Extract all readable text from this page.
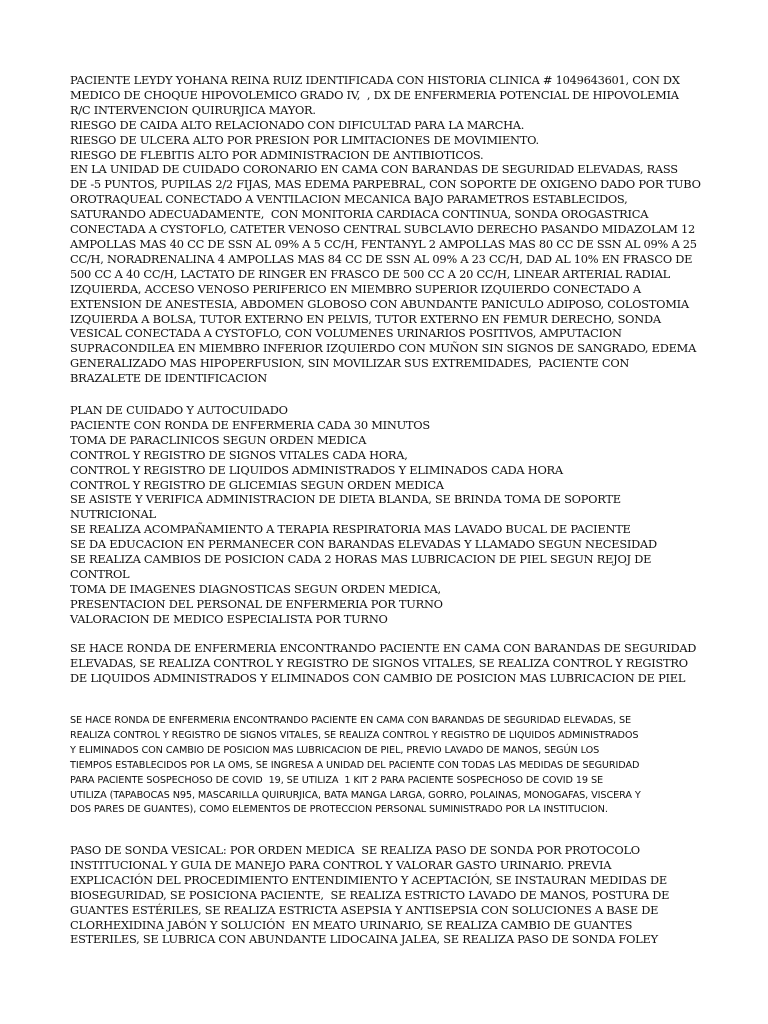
PACIENTE LEYDY YOHANA REINA RUIZ IDENTIFICADA CON HISTORIA CLINICA # 1049643601, CON DX
MEDICO DE CHOQUE HIPOVOLEMICO GRADO IV,  , DX DE ENFERMERIA POTENCIAL DE HIPOVOLEMIA
R/C INTERVENCION QUIRURJICA MAYOR.
RIESGO DE CAIDA ALTO RELACIONADO CON DIFICULTAD PARA LA MARCHA.
RIESGO DE ULCERA ALTO POR PRESION POR LIMITACIONES DE MOVIMIENTO.
RIESGO DE FLEBITIS ALTO POR ADMINISTRACION DE ANTIBIOTICOS.
EN LA UNIDAD DE CUIDADO CORONARIO EN CAMA CON BARANDAS DE SEGURIDAD ELEVADAS, RASS
DE -5 PUNTOS, PUPILAS 2/2 FIJAS, MAS EDEMA PARPEBRAL, CON SOPORTE DE OXIGENO DADO POR TUBO
OROTRAQUEAL CONECTADO A VENTILACION MECANICA BAJO PARAMETROS ESTABLECIDOS,
SATURANDO ADECUADAMENTE,  CON MONITORIA CARDIACA CONTINUA, SONDA OROGASTRICA
CONECTADA A CYSTOFLO, CATETER VENOSO CENTRAL SUBCLAVIO DERECHO PASANDO MIDAZOLAM 12
AMPOLLAS MAS 40 CC DE SSN AL 09% A 5 CC/H, FENTANYL 2 AMPOLLAS MAS 80 CC DE SSN AL 09% A 25
CC/H, NORADRENALINA 4 AMPOLLAS MAS 84 CC DE SSN AL 09% A 23 CC/H, DAD AL 10% EN FRASCO DE
500 CC A 40 CC/H, LACTATO DE RINGER EN FRASCO DE 500 CC A 20 CC/H, LINEAR ARTERIAL RADIAL
IZQUIERDA, ACCESO VENOSO PERIFERICO EN MIEMBRO SUPERIOR IZQUIERDO CONECTADO A
EXTENSION DE ANESTESIA, ABDOMEN GLOBOSO CON ABUNDANTE PANICULO ADIPOSO, COLOSTOMIA
IZQUIERDA A BOLSA, TUTOR EXTERNO EN PELVIS, TUTOR EXTERNO EN FEMUR DERECHO, SONDA
VESICAL CONECTADA A CYSTOFLO, CON VOLUMENES URINARIOS POSITIVOS, AMPUTACION
SUPRACONDILEA EN MIEMBRO INFERIOR IZQUIERDO CON MUÑON SIN SIGNOS DE SANGRADO, EDEMA
GENERALIZADO MAS HIPOPERFUSION, SIN MOVILIZAR SUS EXTREMIDADES,  PACIENTE CON
BRAZALETE DE IDENTIFICACION
PLAN DE CUIDADO Y AUTOCUIDADO
PACIENTE CON RONDA DE ENFERMERIA CADA 30 MINUTOS
TOMA DE PARACLINICOS SEGUN ORDEN MEDICA
CONTROL Y REGISTRO DE SIGNOS VITALES CADA HORA,
CONTROL Y REGISTRO DE LIQUIDOS ADMINISTRADOS Y ELIMINADOS CADA HORA
CONTROL Y REGISTRO DE GLICEMIAS SEGUN ORDEN MEDICA
SE ASISTE Y VERIFICA ADMINISTRACION DE DIETA BLANDA, SE BRINDA TOMA DE SOPORTE
NUTRICIONAL
SE REALIZA ACOMPAÑAMIENTO A TERAPIA RESPIRATORIA MAS LAVADO BUCAL DE PACIENTE
SE DA EDUCACION EN PERMANECER CON BARANDAS ELEVADAS Y LLAMADO SEGUN NECESIDAD
SE REALIZA CAMBIOS DE POSICION CADA 2 HORAS MAS LUBRICACION DE PIEL SEGUN REJOJ DE
CONTROL
TOMA DE IMAGENES DIAGNOSTICAS SEGUN ORDEN MEDICA,
PRESENTACION DEL PERSONAL DE ENFERMERIA POR TURNO
VALORACION DE MEDICO ESPECIALISTA POR TURNO
SE HACE RONDA DE ENFERMERIA ENCONTRANDO PACIENTE EN CAMA CON BARANDAS DE SEGURIDAD
ELEVADAS, SE REALIZA CONTROL Y REGISTRO DE SIGNOS VITALES, SE REALIZA CONTROL Y REGISTRO
DE LIQUIDOS ADMINISTRADOS Y ELIMINADOS CON CAMBIO DE POSICION MAS LUBRICACION DE PIEL
SE HACE RONDA DE ENFERMERIA ENCONTRANDO PACIENTE EN CAMA CON BARANDAS DE SEGURIDAD ELEVADAS, SE
REALIZA CONTROL Y REGISTRO DE SIGNOS VITALES, SE REALIZA CONTROL Y REGISTRO DE LIQUIDOS ADMINISTRADOS
Y ELIMINADOS CON CAMBIO DE POSICION MAS LUBRICACION DE PIEL, PREVIO LAVADO DE MANOS, SEGÚN LOS
TIEMPOS ESTABLECIDOS POR LA OMS, SE INGRESA A UNIDAD DEL PACIENTE CON TODAS LAS MEDIDAS DE SEGURIDAD
PARA PACIENTE SOSPECHOSO DE COVID  19, SE UTILIZA  1 KIT 2 PARA PACIENTE SOSPECHOSO DE COVID 19 SE
UTILIZA (TAPABOCAS N95, MASCARILLA QUIRURJICA, BATA MANGA LARGA, GORRO, POLAINAS, MONOGAFAS, VISCERA Y
DOS PARES DE GUANTES), COMO ELEMENTOS DE PROTECCION PERSONAL SUMINISTRADO POR LA INSTITUCION.
PASO DE SONDA VESICAL: POR ORDEN MEDICA  SE REALIZA PASO DE SONDA POR PROTOCOLO
INSTITUCIONAL Y GUIA DE MANEJO PARA CONTROL Y VALORAR GASTO URINARIO. PREVIA
EXPLICACIÓN DEL PROCEDIMIENTO ENTENDIMIENTO Y ACEPTACIÓN, SE INSTAURAN MEDIDAS DE
BIOSEGURIDAD, SE POSICIONA PACIENTE,  SE REALIZA ESTRICTO LAVADO DE MANOS, POSTURA DE
GUANTES ESTÉRILES, SE REALIZA ESTRICTA ASEPSIA Y ANTISEPSIA CON SOLUCIONES A BASE DE
CLORHEXIDINA JABÓN Y SOLUCIÓN  EN MEATO URINARIO, SE REALIZA CAMBIO DE GUANTES
ESTERILES, SE LUBRICA CON ABUNDANTE LIDOCAINA JALEA, SE REALIZA PASO DE SONDA FOLEY
